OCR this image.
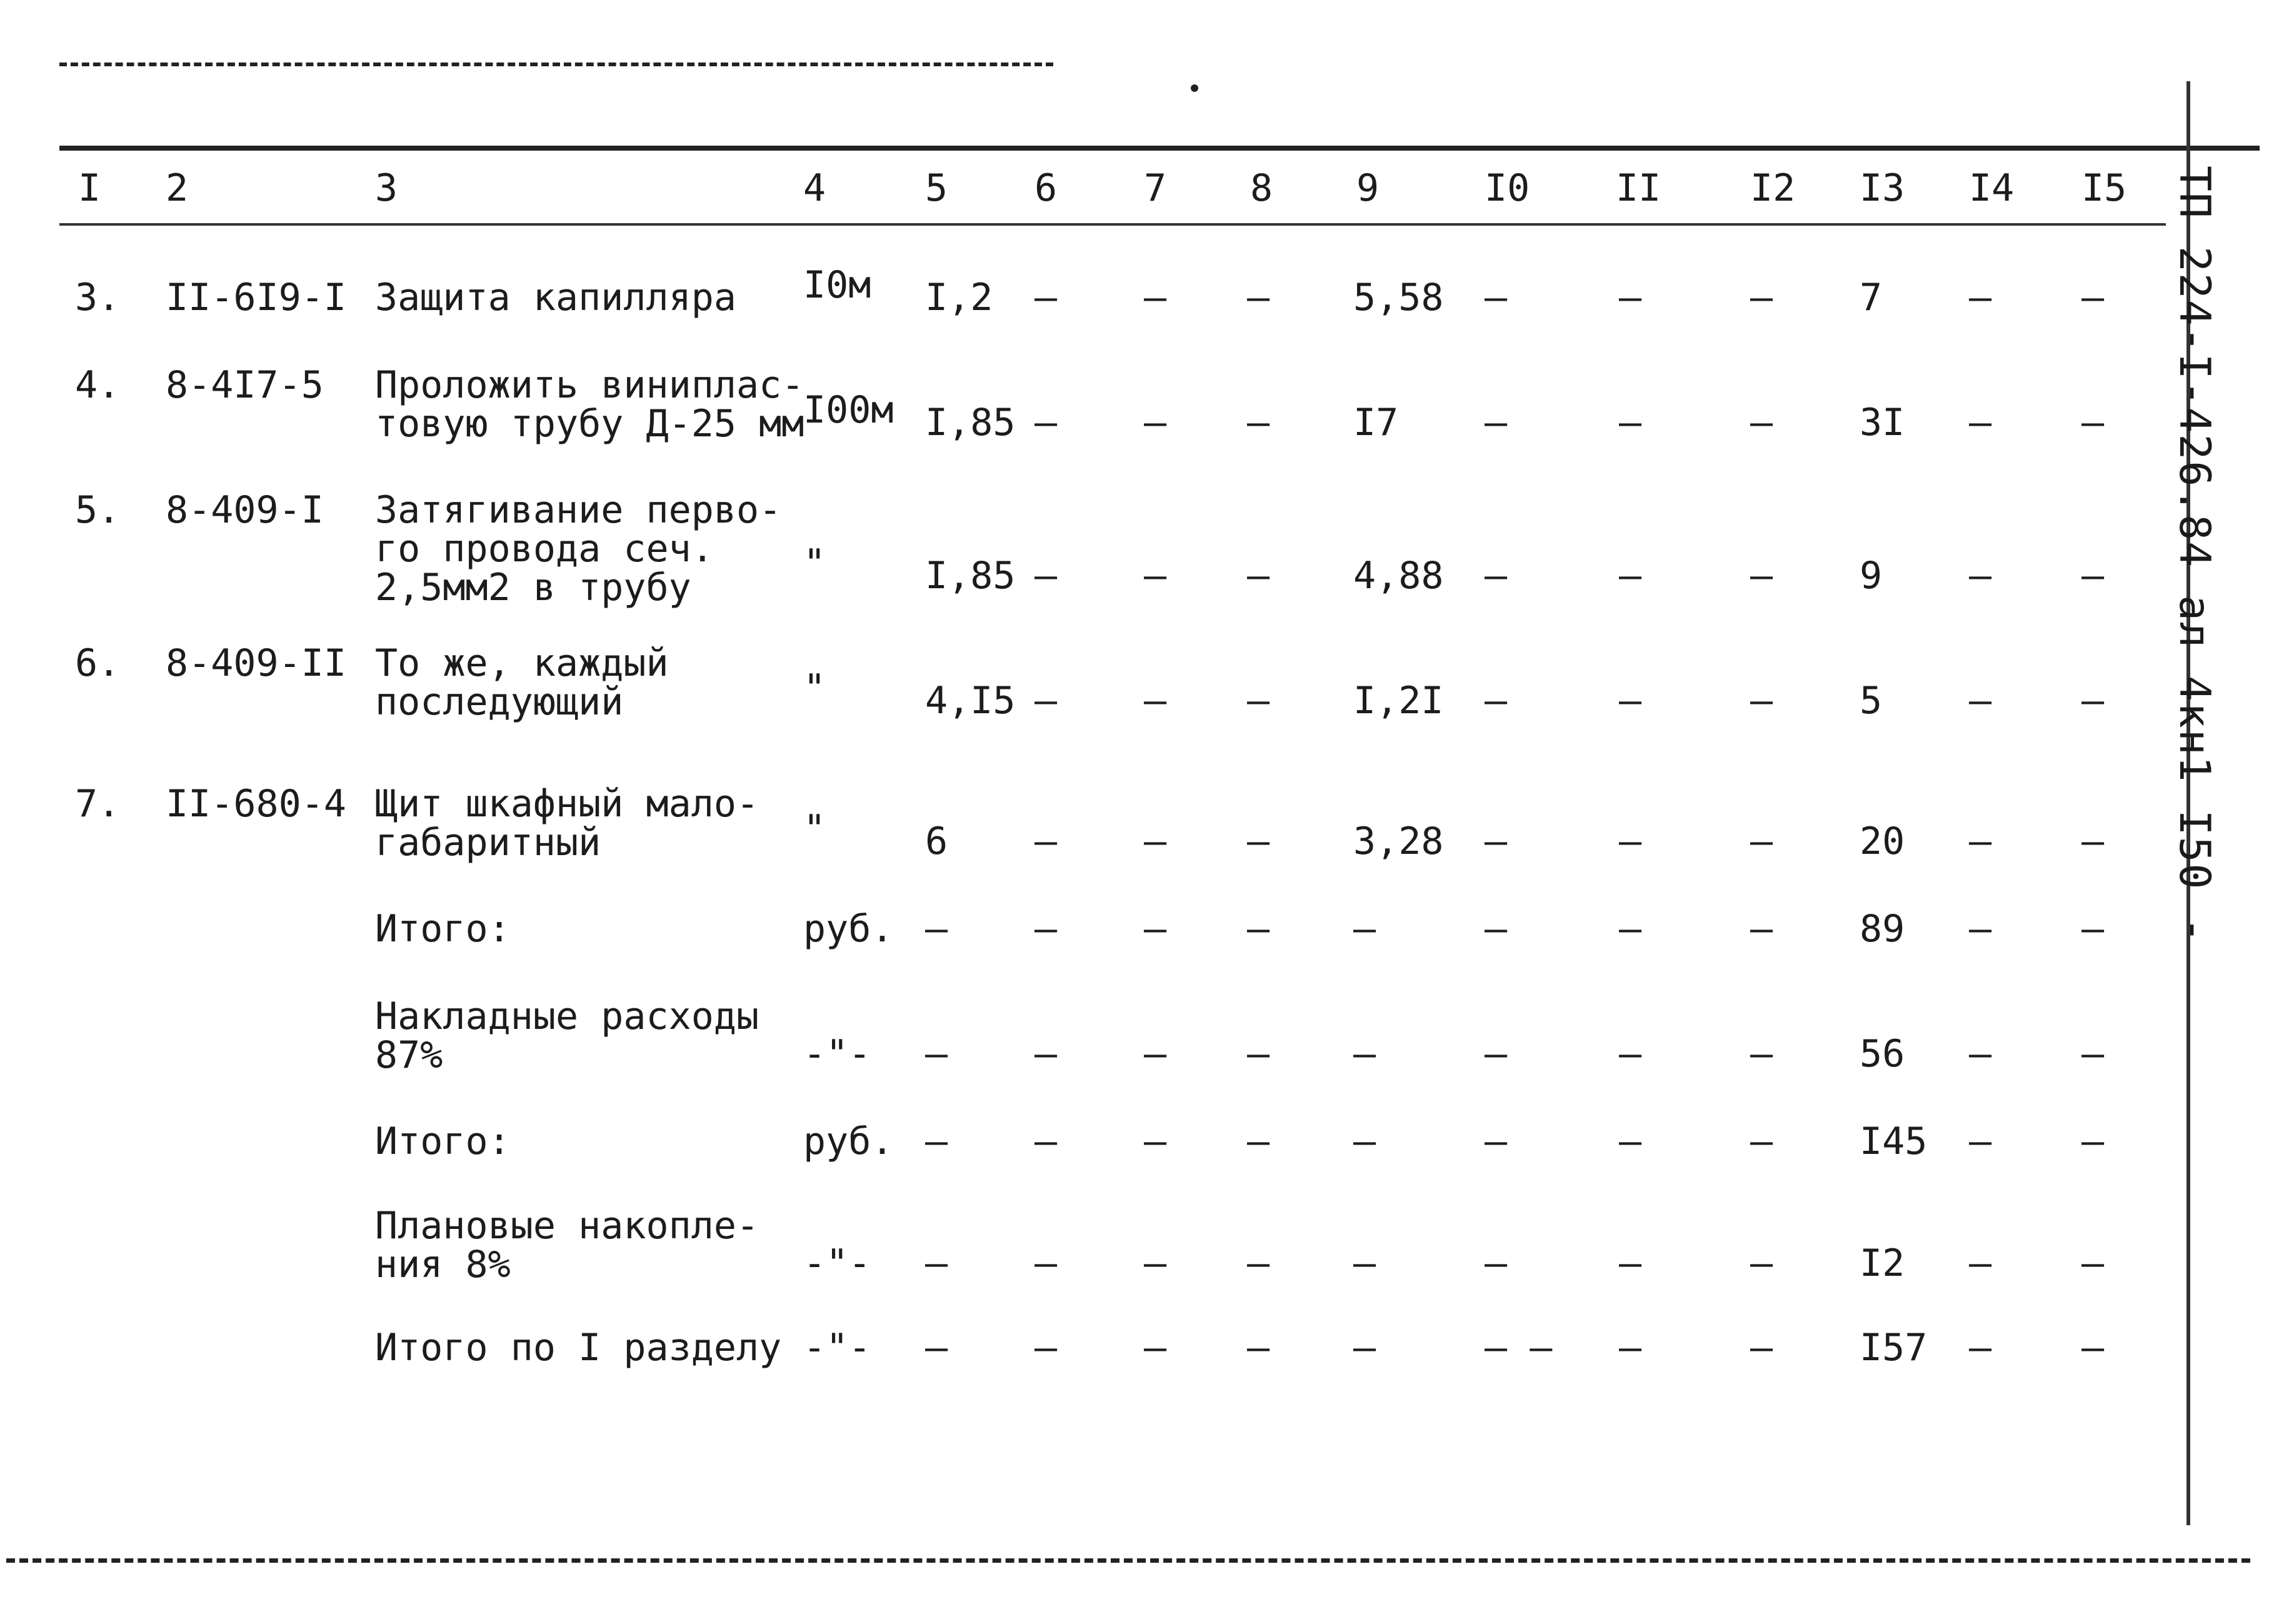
I 2	3	4	5 6 7 8 9	I0 II I2 I3 I4 I5
3. II-6I9-I Защита капилляра I0м I,2 – – – 5,58 –	–	– 7 – –
4. 8-4I7-5 Проложить виниплас-
товую трубу Д-25 мм
I00м I,85 – – – I7 –	–	– 3I – –
5. 8-409-I Затягивание перво-
го провода сеч.
2,5мм2 в трубу
"	I,85 – – – 4,88 –	–	– 9 – –
6. 8-409-II То же, каждый
последующий	"	4,I5 – – – I,2I –	–	– 5 – –
7. II-680-4 Щит шкафный мало-
габаритный	"	6 – – – 3,28 –	–	– 20 – –
Итого:	руб. – – – – –	–	–	– 89 – –
Накладные расходы
87%	-"- – – – – –	–	–	– 56 – –
Итого:	руб. – – – – –	–	–	– I45 – –
Плановые накопле-
ния 8%	-"- – – – – –	–	–	– I2 – –
Итого по I разделу -"- – – – – –	– – –	– I57 – –
ТП 224-I-426.84 ал 4кн1 I50 -
